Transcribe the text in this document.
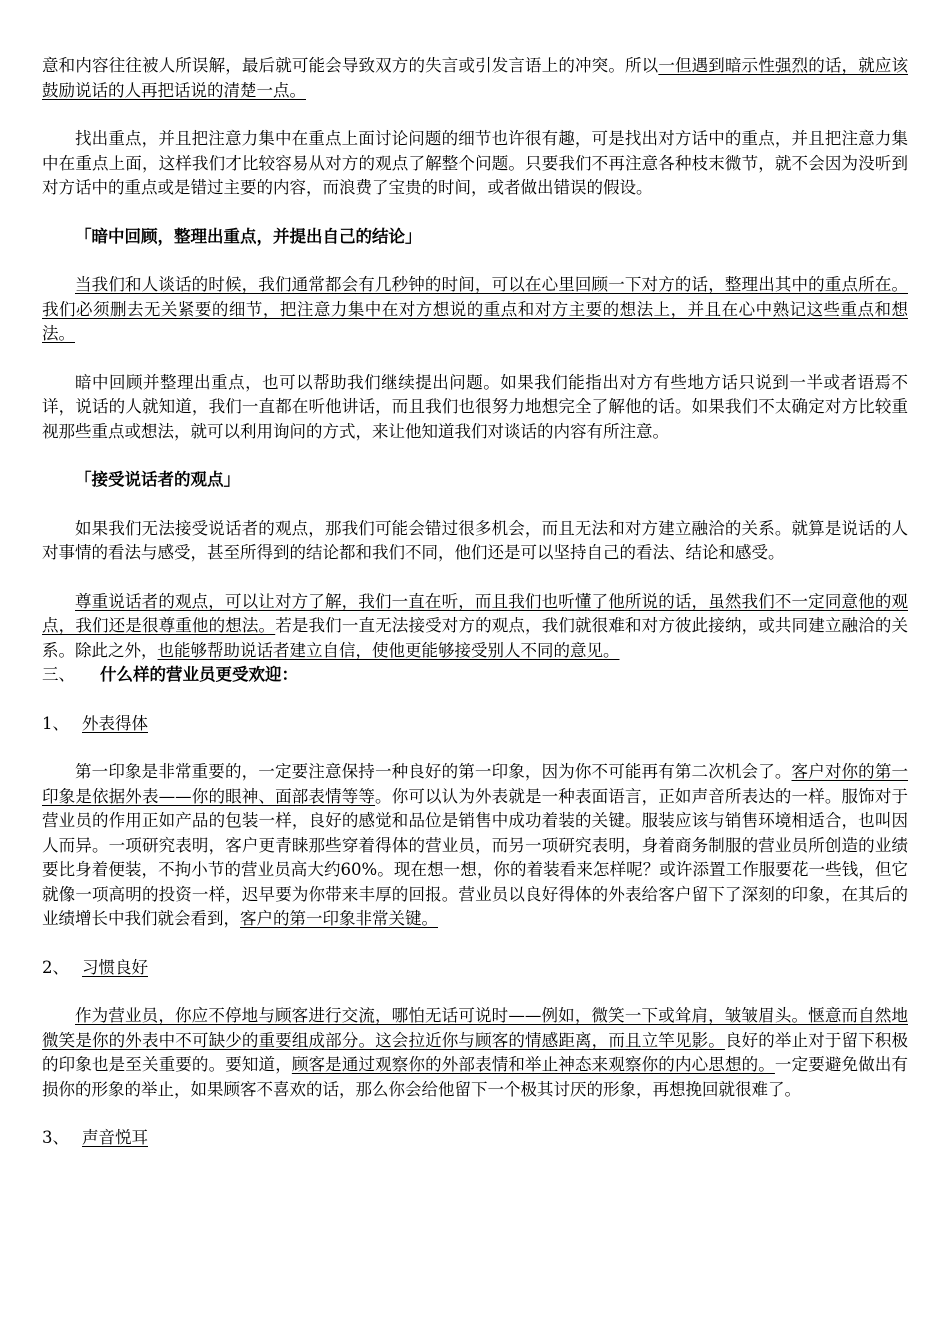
意和内容往往被人所误解，最后就可能会导致双方的失言或引发言语上的冲突。所以一但遇到暗示性强烈的话，就应该鼓励说话的人再把话说的清楚一点。

找出重点，并且把注意力集中在重点上面讨论问题的细节也许很有趣，可是找出对方话中的重点，并且把注意力集中在重点上面，这样我们才比较容易从对方的观点了解整个问题。只要我们不再注意各种枝末微节，就不会因为没听到对方话中的重点或是错过主要的内容，而浪费了宝贵的时间，或者做出错误的假设。

「暗中回顾，整理出重点，并提出自己的结论」

当我们和人谈话的时候，我们通常都会有几秒钟的时间，可以在心里回顾一下对方的话，整理出其中的重点所在。我们必须删去无关紧要的细节，把注意力集中在对方想说的重点和对方主要的想法上，并且在心中熟记这些重点和想法。

暗中回顾并整理出重点，也可以帮助我们继续提出问题。如果我们能指出对方有些地方话只说到一半或者语焉不详，说话的人就知道，我们一直都在听他讲话，而且我们也很努力地想完全了解他的话。如果我们不太确定对方比较重视那些重点或想法，就可以利用询问的方式，来让他知道我们对谈话的内容有所注意。

「接受说话者的观点」

如果我们无法接受说话者的观点，那我们可能会错过很多机会，而且无法和对方建立融洽的关系。就算是说话的人对事情的看法与感受，甚至所得到的结论都和我们不同，他们还是可以坚持自己的看法、结论和感受。

尊重说话者的观点，可以让对方了解，我们一直在听，而且我们也听懂了他所说的话，虽然我们不一定同意他的观点，我们还是很尊重他的想法。若是我们一直无法接受对方的观点，我们就很难和对方彼此接纳，或共同建立融洽的关系。除此之外，也能够帮助说话者建立自信，使他更能够接受别人不同的意见。

三、 什么样的营业员更受欢迎：
1、 外表得体

第一印象是非常重要的，一定要注意保持一种良好的第一印象，因为你不可能再有第二次机会了。客户对你的第一印象是依据外表——你的眼神、面部表情等等。你可以认为外表就是一种表面语言，正如声音所表达的一样。服饰对于营业员的作用正如产品的包装一样，良好的感觉和品位是销售中成功着装的关键。服装应该与销售环境相适合，也叫因人而异。一项研究表明，客户更青睐那些穿着得体的营业员，而另一项研究表明，身着商务制服的营业员所创造的业绩要比身着便装，不拘小节的营业员高大约60%。现在想一想，你的着装看来怎样呢？或许添置工作服要花一些钱，但它就像一项高明的投资一样，迟早要为你带来丰厚的回报。营业员以良好得体的外表给客户留下了深刻的印象，在其后的业绩增长中我们就会看到，客户的第一印象非常关键。

2、 习惯良好

作为营业员，你应不停地与顾客进行交流，哪怕无话可说时——例如，微笑一下或耸肩，皱皱眉头。惬意而自然地微笑是你的外表中不可缺少的重要组成部分。这会拉近你与顾客的情感距离，而且立竿见影。良好的举止对于留下积极的印象也是至关重要的。要知道，顾客是通过观察你的外部表情和举止神态来观察你的内心思想的。一定要避免做出有损你的形象的举止，如果顾客不喜欢的话，那么你会给他留下一个极其讨厌的形象，再想挽回就很难了。

3、 声音悦耳
